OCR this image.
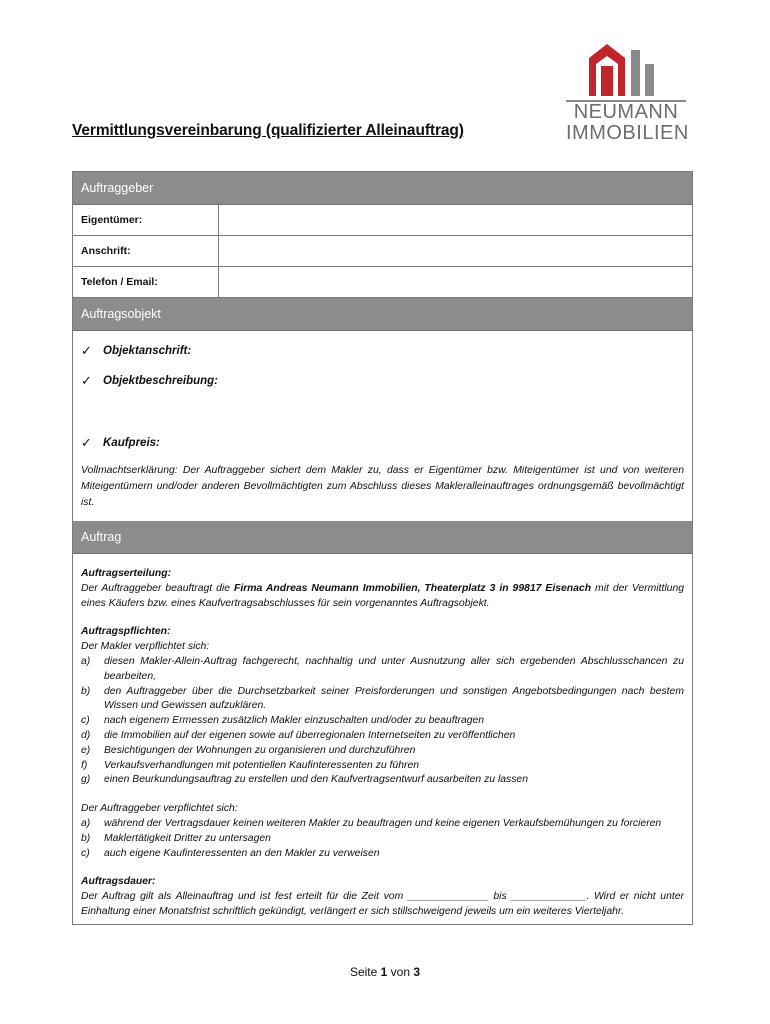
NEUMANN
IMMOBILIEN
Vermittlungsvereinbarung (qualifizierter Alleinauftrag)
Auftraggeber
Eigentümer:
Anschrift:
Telefon / Email:
Auftragsobjekt
✓ Objektanschrift:
✓ Objektbeschreibung:
✓ Kaufpreis:
Vollmachtserklärung: Der Auftraggeber sichert dem Makler zu, dass er Eigentümer bzw. Miteigentümer ist und von weiteren Miteigentümern und/oder anderen Bevollmächtigten zum Abschluss dieses Makleralleinauftrages ordnungsgemäß bevollmächtigt ist.
Auftrag
Auftragserteilung:
Der Auftraggeber beauftragt die Firma Andreas Neumann Immobilien, Theaterplatz 3 in 99817 Eisenach mit der Vermittlung eines Käufers bzw. eines Kaufvertragsabschlusses für sein vorgenanntes Auftragsobjekt.
Auftragspflichten:
Der Makler verpflichtet sich:
a)	diesen Makler-Allein-Auftrag fachgerecht, nachhaltig und unter Ausnutzung aller sich ergebenden Abschlusschancen zu bearbeiten,
b)	den Auftraggeber über die Durchsetzbarkeit seiner Preisforderungen und sonstigen Angebotsbedingungen nach bestem Wissen und Gewissen aufzuklären.
c)	nach eigenem Ermessen zusätzlich Makler einzuschalten und/oder zu beauftragen
d)	die Immobilien auf der eigenen sowie auf überregionalen Internetseiten zu veröffentlichen
e)	Besichtigungen der Wohnungen zu organisieren und durchzuführen
f)	Verkaufsverhandlungen mit potentiellen Kaufinteressenten zu führen
g)	einen Beurkundungsauftrag zu erstellen und den Kaufvertragsentwurf ausarbeiten zu lassen
Der Auftraggeber verpflichtet sich:
a)	während der Vertragsdauer keinen weiteren Makler zu beauftragen und keine eigenen Verkaufsbemühungen zu forcieren
b)	Maklertätigkeit Dritter zu untersagen
c)	auch eigene Kaufinteressenten an den Makler zu verweisen
Auftragsdauer:
Der Auftrag gilt als Alleinauftrag und ist fest erteilt für die Zeit vom ______________ bis _____________. Wird er nicht unter Einhaltung einer Monatsfrist schriftlich gekündigt, verlängert er sich stillschweigend jeweils um ein weiteres Vierteljahr.
Seite 1 von 3
